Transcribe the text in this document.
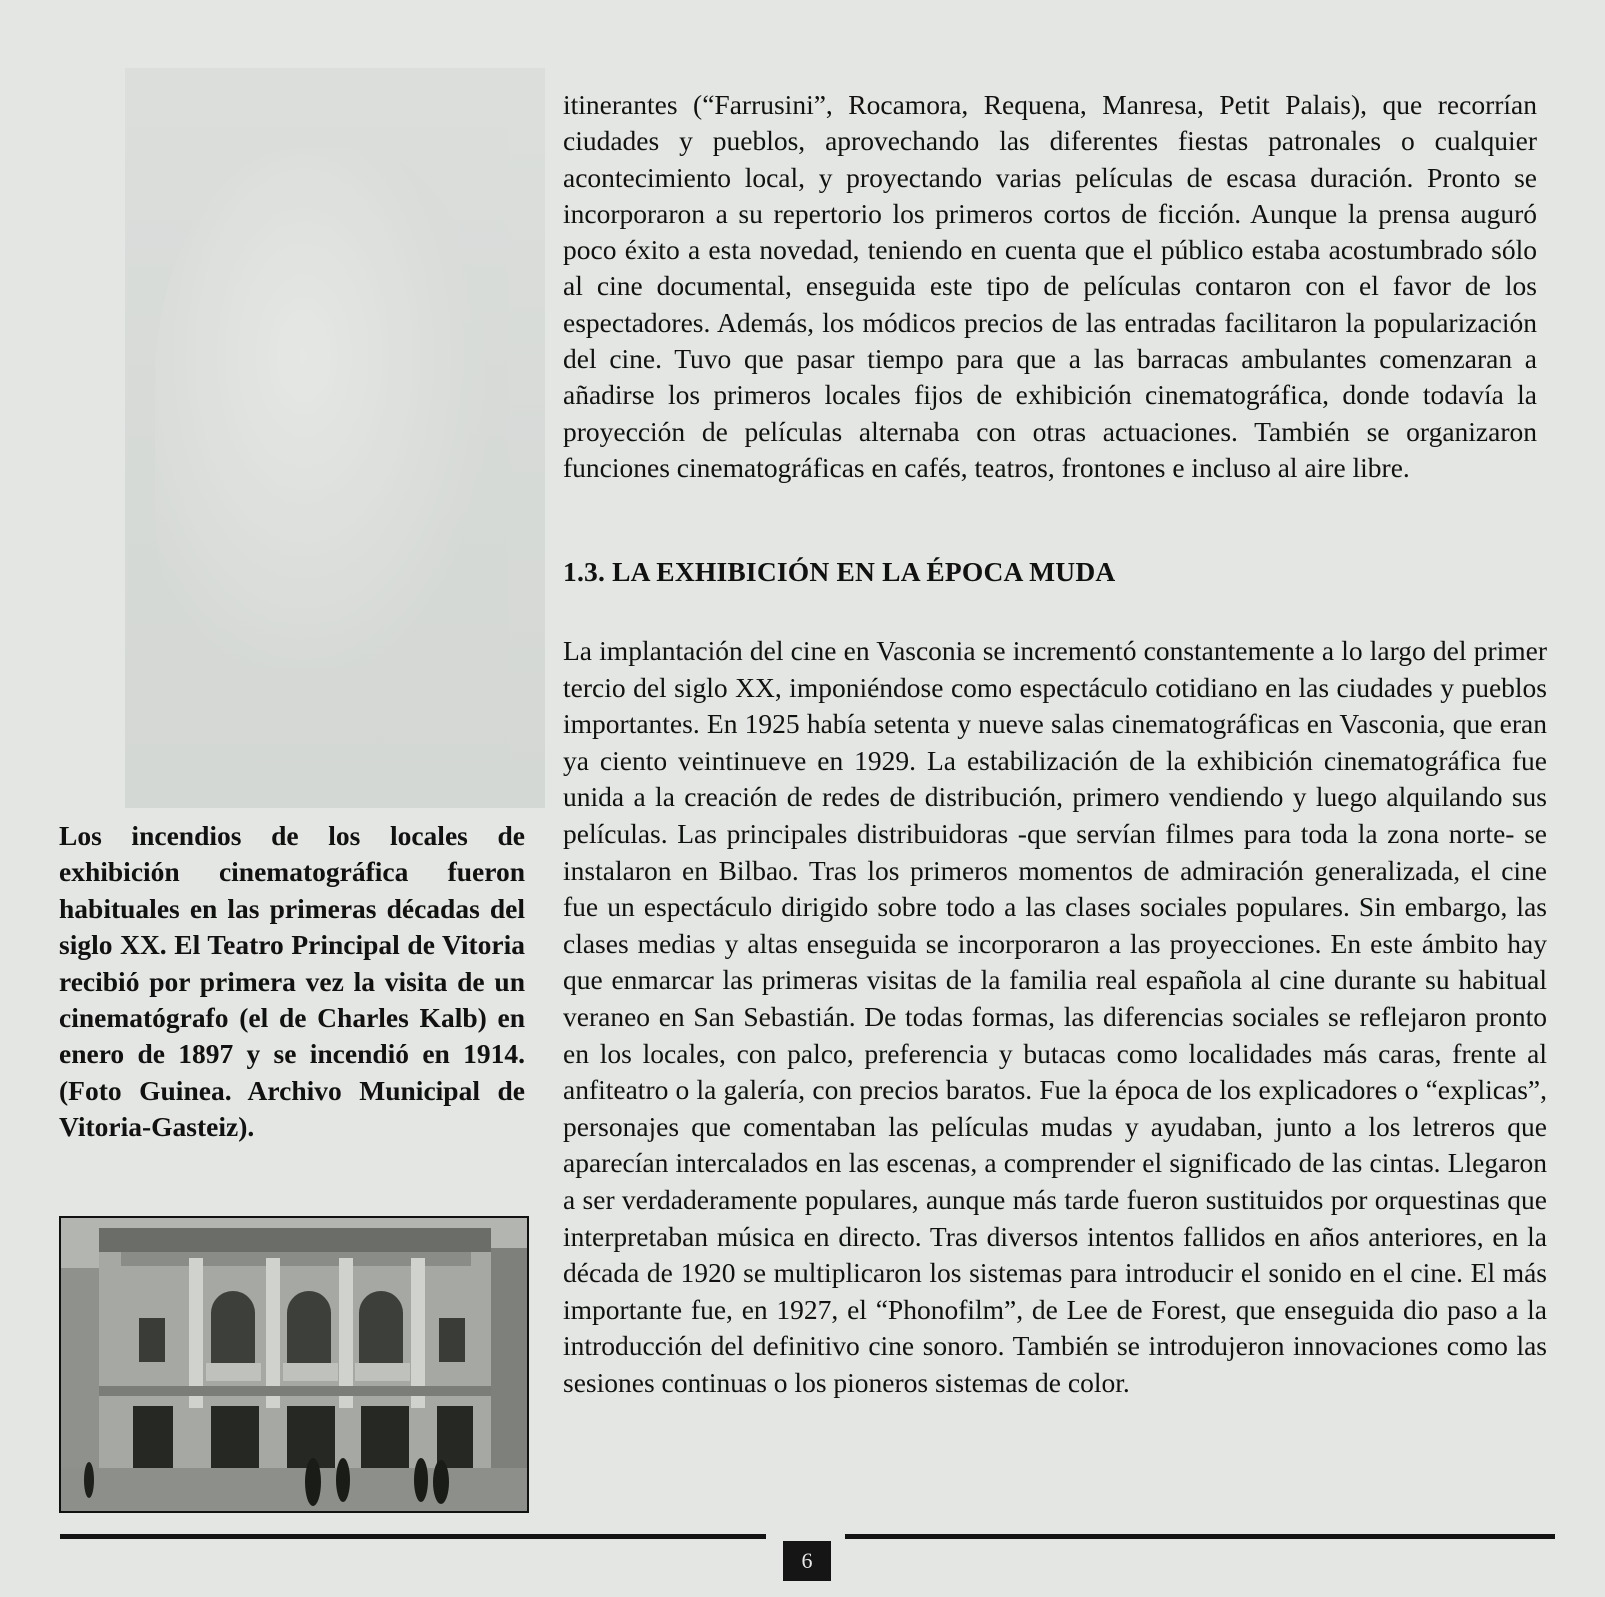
Los incendios de los locales de exhibición cinematográfica fueron habituales en las primeras décadas del siglo XX. El Teatro Principal de Vitoria recibió por primera vez la visita de un cinematógrafo (el de Charles Kalb) en enero de 1897 y se incendió en 1914. (Foto Guinea. Archivo Municipal de Vitoria-Gasteiz).

itinerantes (“Farrusini”, Rocamora, Requena, Manresa, Petit Palais), que recorrían ciudades y pueblos, aprovechando las diferentes fiestas patronales o cualquier acontecimiento local, y proyectando varias películas de escasa duración. Pronto se incorporaron a su repertorio los primeros cortos de ficción. Aunque la prensa auguró poco éxito a esta novedad, teniendo en cuenta que el público estaba acostumbrado sólo al cine documental, enseguida este tipo de películas contaron con el favor de los espectadores. Además, los módicos precios de las entradas facilitaron la popularización del cine. Tuvo que pasar tiempo para que a las barracas ambulantes comenzaran a añadirse los primeros locales fijos de exhibición cinematográfica, donde todavía la proyección de películas alternaba con otras actuaciones. También se organizaron funciones cinematográficas en cafés, teatros, frontones e incluso al aire libre.

1.3. LA EXHIBICIÓN EN LA ÉPOCA MUDA

La implantación del cine en Vasconia se incrementó constantemente a lo largo del primer tercio del siglo XX, imponiéndose como espectáculo cotidiano en las ciudades y pueblos importantes. En 1925 había setenta y nueve salas cinematográficas en Vasconia, que eran ya ciento veintinueve en 1929. La estabilización de la exhibición cinematográfica fue unida a la creación de redes de distribución, primero vendiendo y luego alquilando sus películas. Las principales distribuidoras -que servían filmes para toda la zona norte- se instalaron en Bilbao. Tras los primeros momentos de admiración generalizada, el cine fue un espectáculo dirigido sobre todo a las clases sociales populares. Sin embargo, las clases medias y altas enseguida se incorporaron a las proyecciones. En este ámbito hay que enmarcar las primeras visitas de la familia real española al cine durante su habitual veraneo en San Sebastián. De todas formas, las diferencias sociales se reflejaron pronto en los locales, con palco, preferencia y butacas como localidades más caras, frente al anfiteatro o la galería, con precios baratos. Fue la época de los explicadores o “explicas”, personajes que comentaban las películas mudas y ayudaban, junto a los letreros que aparecían intercalados en las escenas, a comprender el significado de las cintas. Llegaron a ser verdaderamente populares, aunque más tarde fueron sustituidos por orquestinas que interpretaban música en directo. Tras diversos intentos fallidos en años anteriores, en la década de 1920 se multiplicaron los sistemas para introducir el sonido en el cine. El más importante fue, en 1927, el “Phonofilm”, de Lee de Forest, que enseguida dio paso a la introducción del definitivo cine sonoro. También se introdujeron innovaciones como las sesiones continuas o los pioneros sistemas de color.

6
